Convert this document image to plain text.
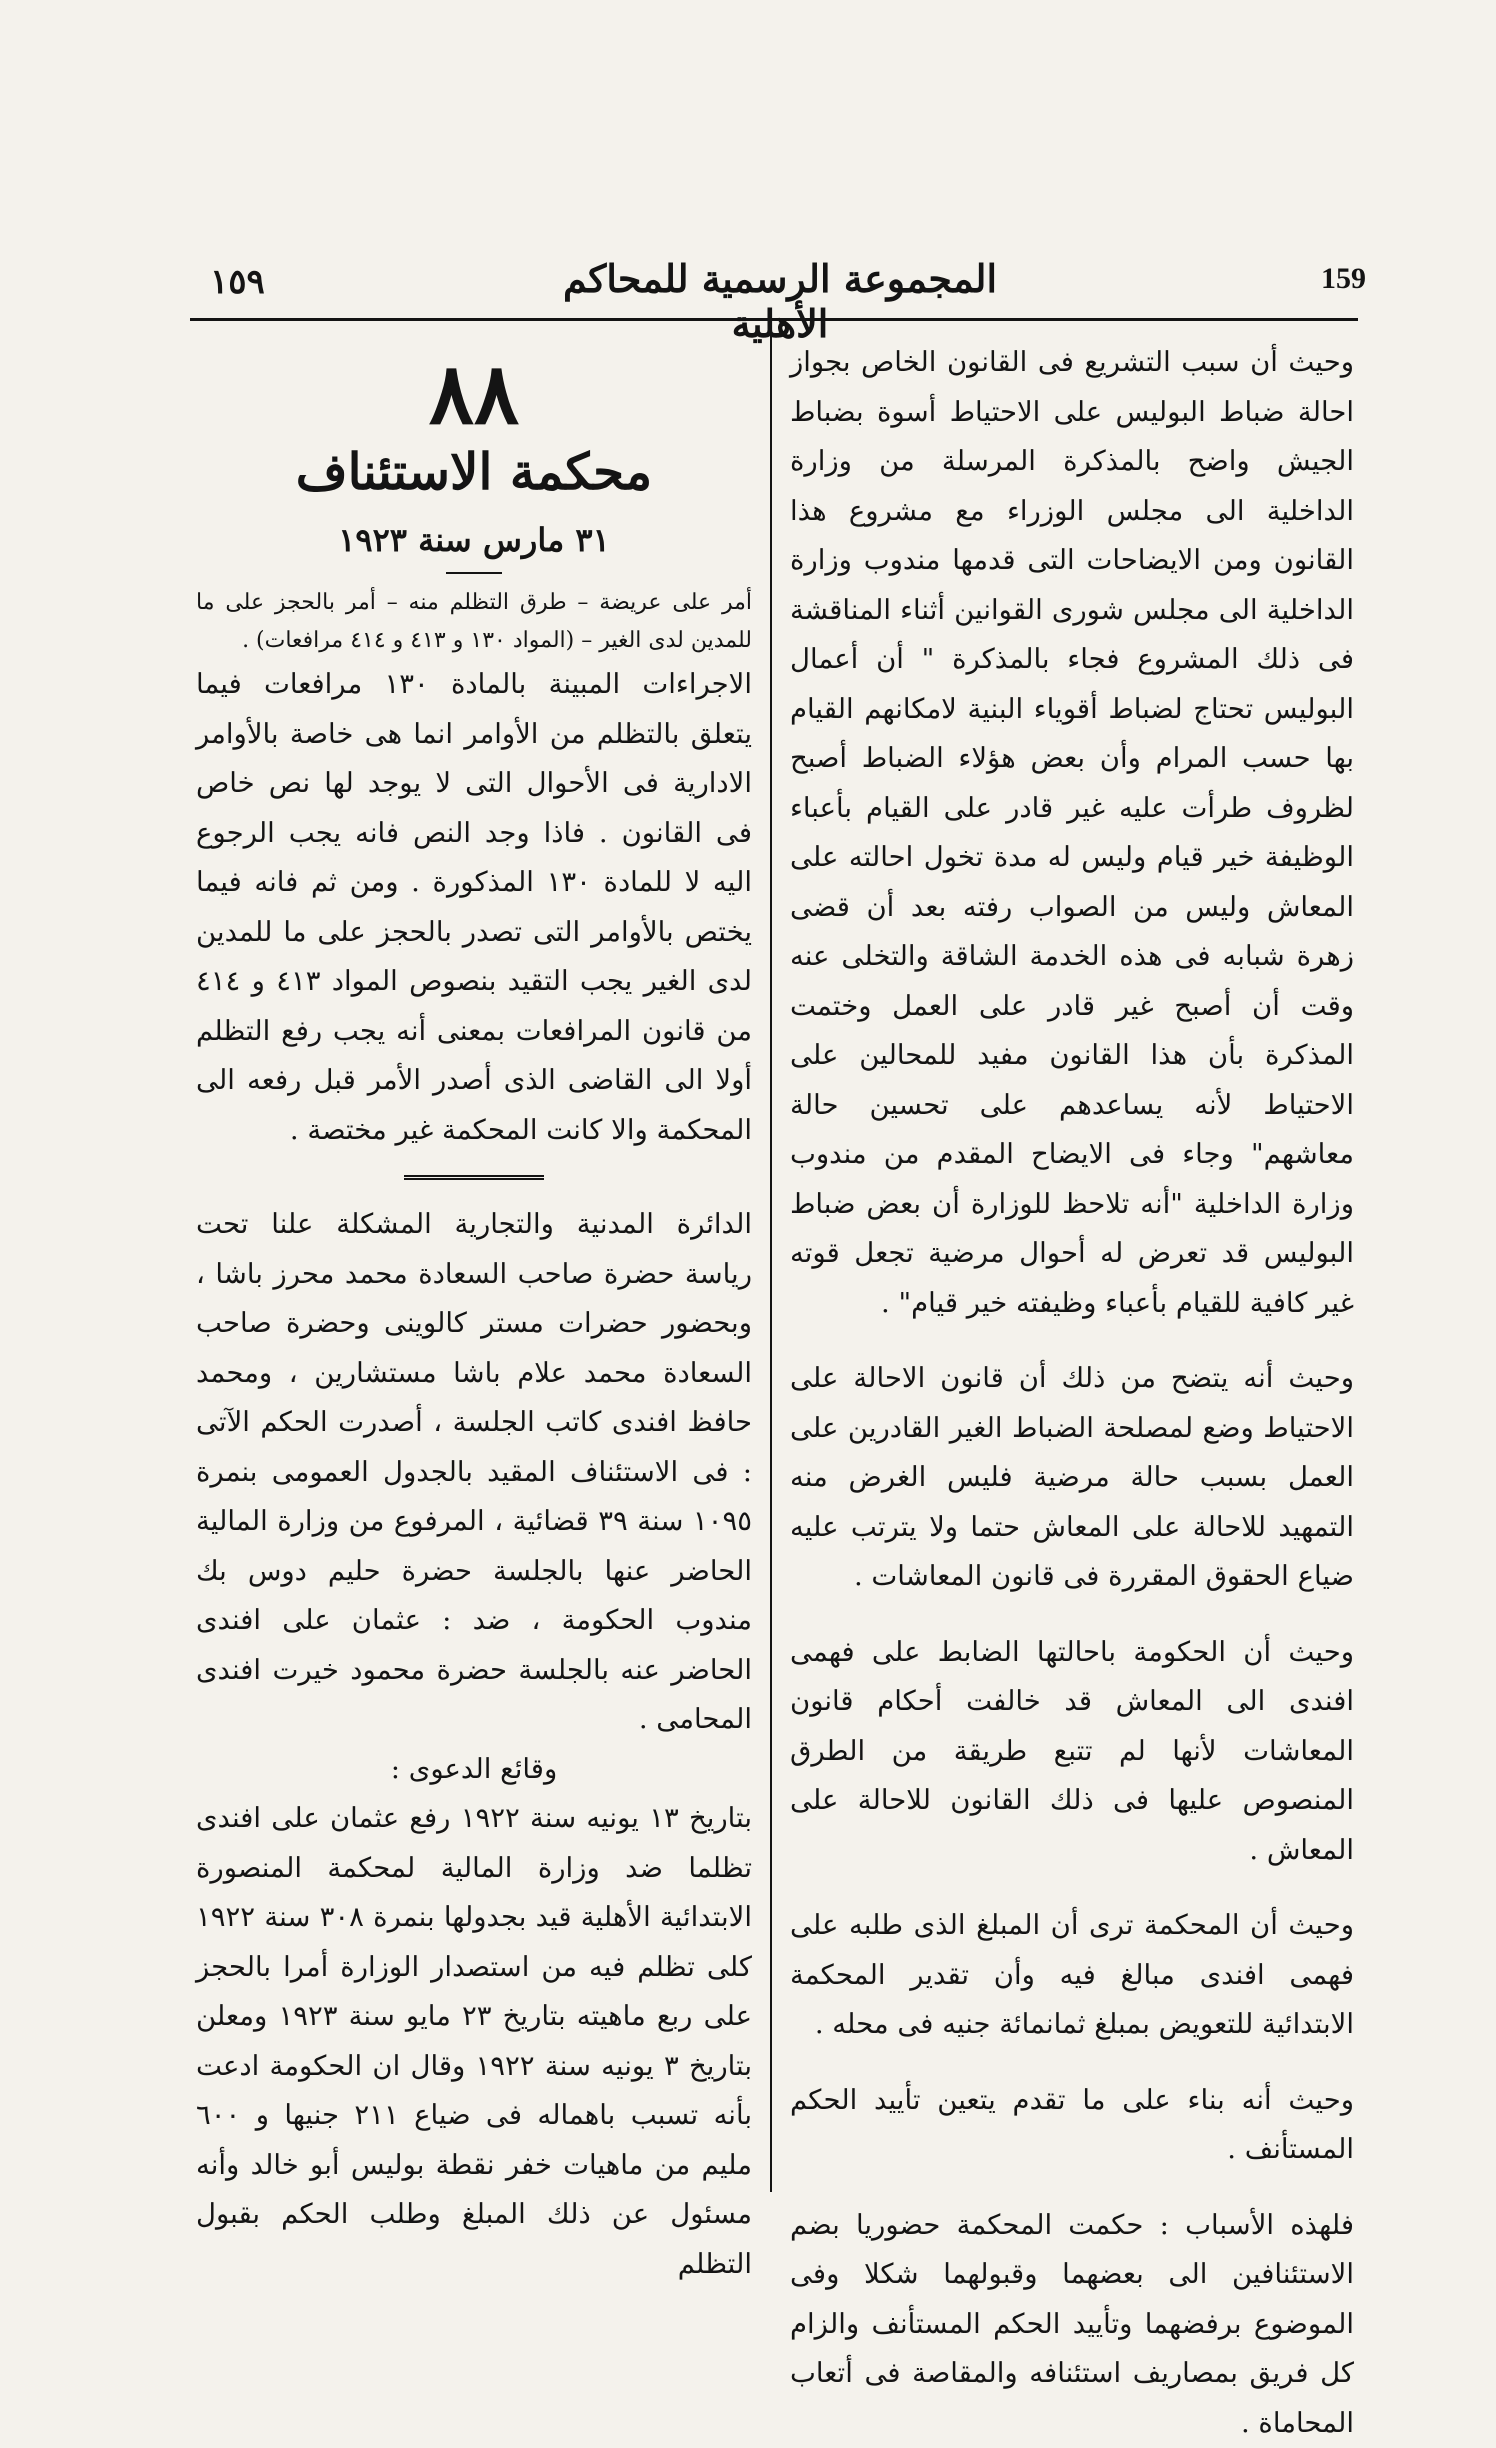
١٥٩	المجموعة الرسمية للمحاكم الأهلية
159

وحيث أن سبب التشريع فى القانون الخاص بجواز احالة ضباط البوليس على الاحتياط أسوة بضباط الجيش واضح بالمذكرة المرسلة من وزارة الداخلية الى مجلس الوزراء مع مشروع هذا القانون ومن الايضاحات التى قدمها مندوب وزارة الداخلية الى مجلس شورى القوانين أثناء المناقشة فى ذلك المشروع فجاء بالمذكرة " أن أعمال البوليس تحتاج لضباط أقوياء البنية لامكانهم القيام بها حسب المرام وأن بعض هؤلاء الضباط أصبح لظروف طرأت عليه غير قادر على القيام بأعباء الوظيفة خير قيام وليس له مدة تخول احالته على المعاش وليس من الصواب رفته بعد أن قضى زهرة شبابه فى هذه الخدمة الشاقة والتخلى عنه وقت أن أصبح غير قادر على العمل وختمت المذكرة بأن هذا القانون مفيد للمحالين على الاحتياط لأنه يساعدهم على تحسين حالة معاشهم" وجاء فى الايضاح المقدم من مندوب وزارة الداخلية "أنه تلاحظ للوزارة أن بعض ضباط البوليس قد تعرض له أحوال مرضية تجعل قوته غير كافية للقيام بأعباء وظيفته خير قيام" .

وحيث أنه يتضح من ذلك أن قانون الاحالة على الاحتياط وضع لمصلحة الضباط الغير القادرين على العمل بسبب حالة مرضية فليس الغرض منه التمهيد للاحالة على المعاش حتما ولا يترتب عليه ضياع الحقوق المقررة فى قانون المعاشات .

وحيث أن الحكومة باحالتها الضابط على فهمى افندى الى المعاش قد خالفت أحكام قانون المعاشات لأنها لم تتبع طريقة من الطرق المنصوص عليها فى ذلك القانون للاحالة على المعاش .

وحيث أن المحكمة ترى أن المبلغ الذى طلبه على فهمى افندى مبالغ فيه وأن تقدير المحكمة الابتدائية للتعويض بمبلغ ثمانمائة جنيه فى محله .

وحيث أنه بناء على ما تقدم يتعين تأييد الحكم المستأنف .

فلهذه الأسباب : حكمت المحكمة حضوريا بضم الاستئنافين الى بعضهما وقبولهما شكلا وفى الموضوع برفضهما وتأييد الحكم المستأنف والزام كل فريق بمصاريف استئنافه والمقاصة فى أتعاب المحاماة .

٨٨
محكمة الاستئناف
٣١ مارس سنة ١٩٢٣

أمر على عريضة – طرق التظلم منه – أمر بالحجز على ما للمدين لدى الغير – (المواد ١٣٠ و ٤١٣ و ٤١٤ مرافعات) .

الاجراءات المبينة بالمادة ١٣٠ مرافعات فيما يتعلق بالتظلم من الأوامر انما هى خاصة بالأوامر الادارية فى الأحوال التى لا يوجد لها نص خاص فى القانون . فاذا وجد النص فانه يجب الرجوع اليه لا للمادة ١٣٠ المذكورة . ومن ثم فانه فيما يختص بالأوامر التى تصدر بالحجز على ما للمدين لدى الغير يجب التقيد بنصوص المواد ٤١٣ و ٤١٤ من قانون المرافعات بمعنى أنه يجب رفع التظلم أولا الى القاضى الذى أصدر الأمر قبل رفعه الى المحكمة والا كانت المحكمة غير مختصة .

الدائرة المدنية والتجارية المشكلة علنا تحت رياسة حضرة صاحب السعادة محمد محرز باشا ، وبحضور حضرات مستر كالوينى وحضرة صاحب السعادة محمد علام باشا مستشارين ، ومحمد حافظ افندى كاتب الجلسة ، أصدرت الحكم الآتى : فى الاستئناف المقيد بالجدول العمومى بنمرة ١٠٩٥ سنة ٣٩ قضائية ، المرفوع من وزارة المالية الحاضر عنها بالجلسة حضرة حليم دوس بك مندوب الحكومة ، ضد : عثمان على افندى الحاضر عنه بالجلسة حضرة محمود خيرت افندى المحامى .

وقائع الدعوى :

بتاريخ ١٣ يونيه سنة ١٩٢٢ رفع عثمان على افندى تظلما ضد وزارة المالية لمحكمة المنصورة الابتدائية الأهلية قيد بجدولها بنمرة ٣٠٨ سنة ١٩٢٢ كلى تظلم فيه من استصدار الوزارة أمرا بالحجز على ربع ماهيته بتاريخ ٢٣ مايو سنة ١٩٢٣ ومعلن بتاريخ ٣ يونيه سنة ١٩٢٢ وقال ان الحكومة ادعت بأنه تسبب باهماله فى ضياع ٢١١ جنيها و ٦٠٠ مليم من ماهيات خفر نقطة بوليس أبو خالد وأنه مسئول عن ذلك المبلغ وطلب الحكم بقبول التظلم
